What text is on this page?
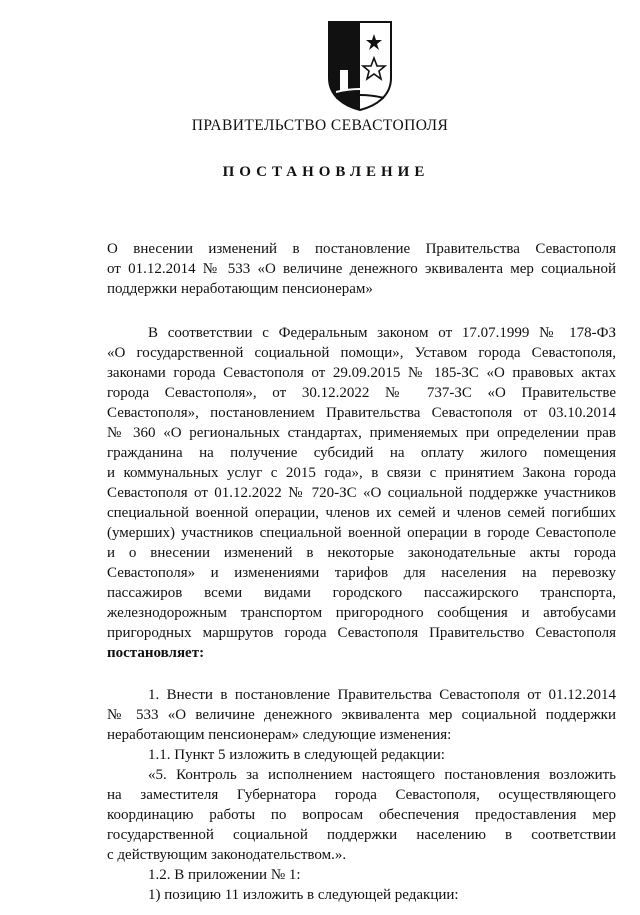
ПРАВИТЕЛЬСТВО СЕВАСТОПОЛЯ
ПОСТАНОВЛЕНИЕ
О внесении изменений в постановление Правительства Севастополя
от 01.12.2014 № 533 «О величине денежного эквивалента мер социальной
поддержки неработающим пенсионерам»
В соответствии с Федеральным законом от 17.07.1999 № 178-ФЗ
«О государственной социальной помощи», Уставом города Севастополя,
законами города Севастополя от 29.09.2015 № 185-ЗС «О правовых актах
города Севастополя», от 30.12.2022 № 737-ЗС «О Правительстве
Севастополя», постановлением Правительства Севастополя от 03.10.2014
№ 360 «О региональных стандартах, применяемых при определении прав
гражданина на получение субсидий на оплату жилого помещения
и коммунальных услуг с 2015 года», в связи с принятием Закона города
Севастополя от 01.12.2022 № 720-ЗС «О социальной поддержке участников
специальной военной операции, членов их семей и членов семей погибших
(умерших) участников специальной военной операции в городе Севастополе
и о внесении изменений в некоторые законодательные акты города
Севастополя» и изменениями тарифов для населения на перевозку
пассажиров всеми видами городского пассажирского транспорта,
железнодорожным транспортом пригородного сообщения и автобусами
пригородных маршрутов города Севастополя Правительство Севастополя
постановляет:
1. Внести в постановление Правительства Севастополя от 01.12.2014
№ 533 «О величине денежного эквивалента мер социальной поддержки
неработающим пенсионерам» следующие изменения:
1.1. Пункт 5 изложить в следующей редакции:
«5. Контроль за исполнением настоящего постановления возложить
на заместителя Губернатора города Севастополя, осуществляющего
координацию работы по вопросам обеспечения предоставления мер
государственной социальной поддержки населению в соответствии
с действующим законодательством.».
1.2. В приложении № 1:
1) позицию 11 изложить в следующей редакции:
